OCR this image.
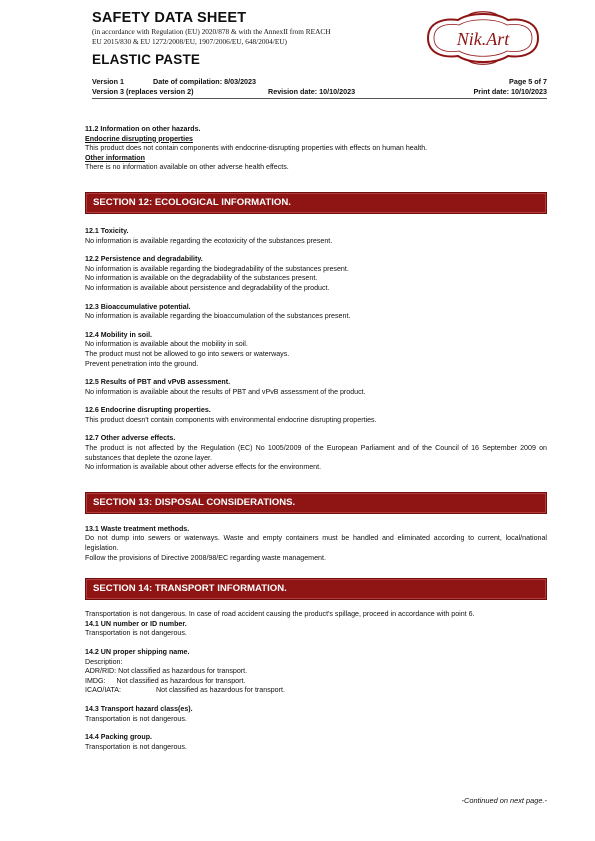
SAFETY DATA SHEET
(in accordance with Regulation (EU) 2020/878 & with the AnnexII from REACH
EU 2015/830 & EU 1272/2008/EU, 1907/2006/EU, 648/2004/EU)
ELASTIC PASTE
Nik.Art
Version 1	Date of compilation: 8/03/2023	Page 5 of 7
Version 3 (replaces version 2)	Revision date: 10/10/2023	Print date: 10/10/2023

11.2 Information on other hazards.

Endocrine disrupting properties

This product does not contain components with endocrine-disrupting properties with effects on human health.

Other information

There is no information available on other adverse health effects.

SECTION 12: ECOLOGICAL INFORMATION.

12.1 Toxicity.

No information is available regarding the ecotoxicity of the substances present.

12.2 Persistence and degradability.

No information is available regarding the biodegradability of the substances present.

No information is available on the degradability of the substances present.

No information is available about persistence and degradability of the product.

12.3 Bioaccumulative potential.

No information is available regarding the bioaccumulation of the substances present.

12.4 Mobility in soil.

No information is available about the mobility in soil.

The product must not be allowed to go into sewers or waterways.

Prevent penetration into the ground.

12.5 Results of PBT and vPvB assessment.

No information is available about the results of PBT and vPvB assessment of the product.

12.6 Endocrine disrupting properties.

This product doesn't contain components with environmental endocrine disrupting properties.

12.7 Other adverse effects.

The product is not affected by the Regulation (EC) No 1005/2009 of the European Parliament and of the Council of 16 September 2009 on substances that deplete the ozone layer.

No information is available about other adverse effects for the environment.

SECTION 13: DISPOSAL CONSIDERATIONS.

13.1 Waste treatment methods.

Do not dump into sewers or waterways. Waste and empty containers must be handled and eliminated according to current, local/national legislation.

Follow the provisions of Directive 2008/98/EC regarding waste management.

SECTION 14: TRANSPORT INFORMATION.

Transportation is not dangerous. In case of road accident causing the product's spillage, proceed in accordance with point 6.

14.1 UN number or ID number.

Transportation is not dangerous.

14.2 UN proper shipping name.

Description:

ADR/RID: Not classified as hazardous for transport.
IMDG: Not classified as hazardous for transport.
ICAO/IATA:	Not classified as hazardous for transport.

14.3 Transport hazard class(es).

Transportation is not dangerous.

14.4 Packing group.

Transportation is not dangerous.

-Continued on next page.-
